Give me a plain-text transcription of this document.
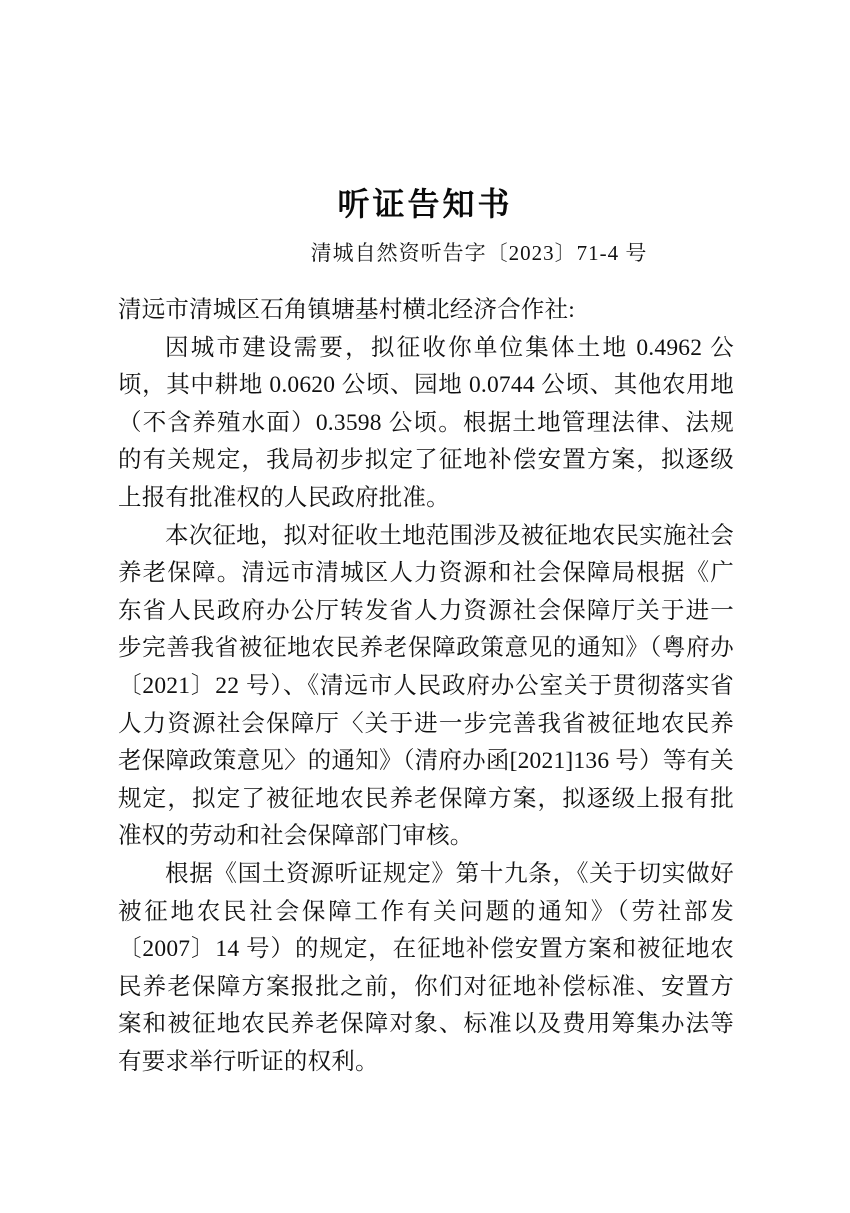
听证告知书
清城自然资听告字〔2023〕71-4 号

清远市清城区石角镇塘基村横北经济合作社:

因城市建设需要，拟征收你单位集体土地 0.4962 公顷，其中耕地 0.0620 公顷、园地 0.0744 公顷、其他农用地（不含养殖水面）0.3598 公顷。根据土地管理法律、法规的有关规定，我局初步拟定了征地补偿安置方案，拟逐级上报有批准权的人民政府批准。

本次征地，拟对征收土地范围涉及被征地农民实施社会养老保障。清远市清城区人力资源和社会保障局根据《广东省人民政府办公厅转发省人力资源社会保障厅关于进一步完善我省被征地农民养老保障政策意见的通知》（粤府办〔2021〕22 号）、《清远市人民政府办公室关于贯彻落实省人力资源社会保障厅〈关于进一步完善我省被征地农民养老保障政策意见〉的通知》（清府办函[2021]136 号）等有关规定，拟定了被征地农民养老保障方案，拟逐级上报有批准权的劳动和社会保障部门审核。

根据《国土资源听证规定》第十九条，《关于切实做好被征地农民社会保障工作有关问题的通知》（劳社部发〔2007〕14 号）的规定，在征地补偿安置方案和被征地农民养老保障方案报批之前，你们对征地补偿标准、安置方案和被征地农民养老保障对象、标准以及费用筹集办法等有要求举行听证的权利。
